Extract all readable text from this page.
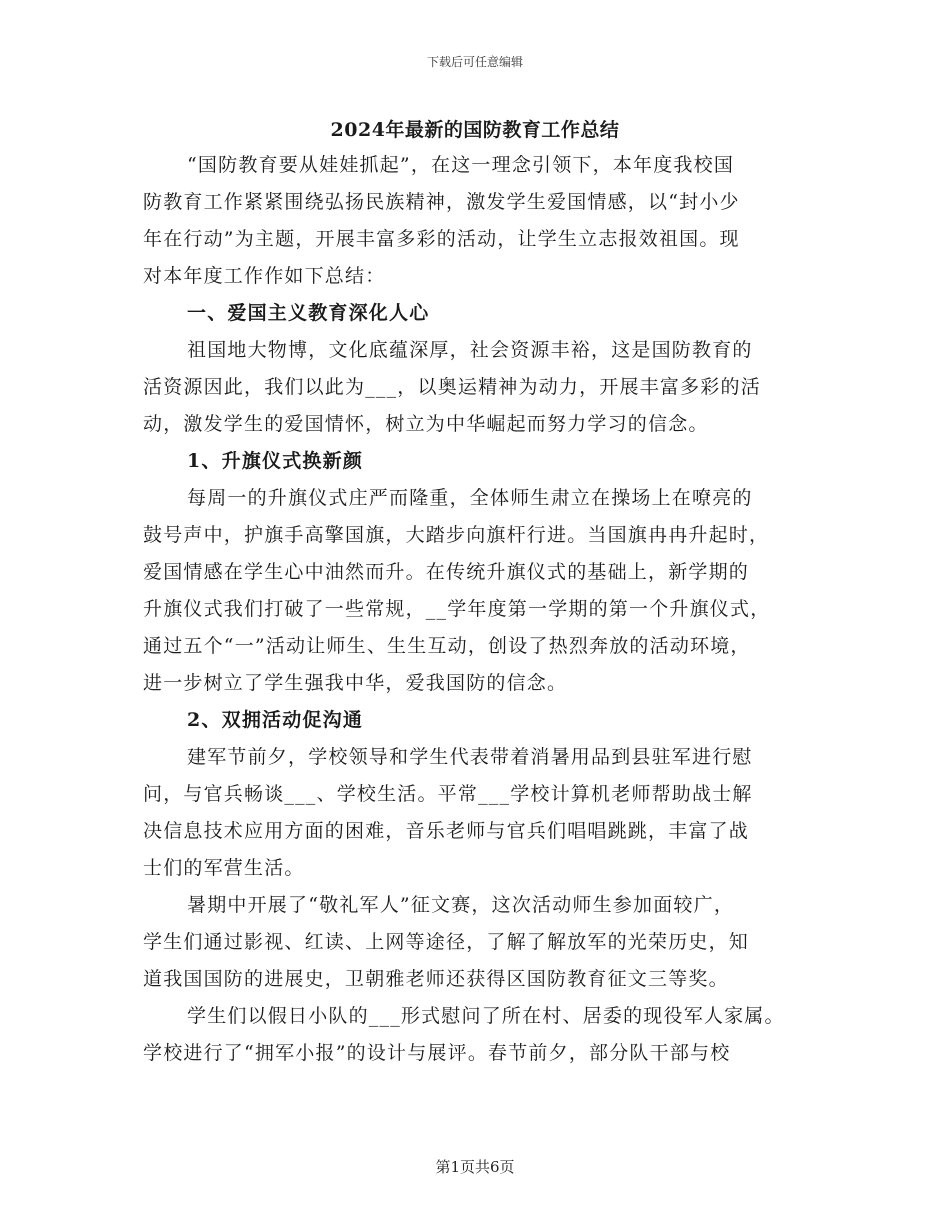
下载后可任意编辑
2024年最新的国防教育工作总结
“国防教育要从娃娃抓起”，在这一理念引领下，本年度我校国
防教育工作紧紧围绕弘扬民族精神，激发学生爱国情感，以“封小少
年在行动”为主题，开展丰富多彩的活动，让学生立志报效祖国。现
对本年度工作作如下总结：
一、爱国主义教育深化人心
祖国地大物博，文化底蕴深厚，社会资源丰裕，这是国防教育的
活资源因此，我们以此为___，以奥运精神为动力，开展丰富多彩的活
动，激发学生的爱国情怀，树立为中华崛起而努力学习的信念。
1、升旗仪式换新颜
每周一的升旗仪式庄严而隆重，全体师生肃立在操场上在嘹亮的
鼓号声中，护旗手高擎国旗，大踏步向旗杆行进。当国旗冉冉升起时，
爱国情感在学生心中油然而升。在传统升旗仪式的基础上，新学期的
升旗仪式我们打破了一些常规，__学年度第一学期的第一个升旗仪式，
通过五个“一”活动让师生、生生互动，创设了热烈奔放的活动环境，
进一步树立了学生强我中华，爱我国防的信念。
2、双拥活动促沟通
建军节前夕，学校领导和学生代表带着消暑用品到县驻军进行慰
问，与官兵畅谈___、学校生活。平常___学校计算机老师帮助战士解
决信息技术应用方面的困难，音乐老师与官兵们唱唱跳跳，丰富了战
士们的军营生活。
暑期中开展了“敬礼军人”征文赛，这次活动师生参加面较广，
学生们通过影视、红读、上网等途径，了解了解放军的光荣历史，知
道我国国防的进展史，卫朝雅老师还获得区国防教育征文三等奖。
学生们以假日小队的___形式慰问了所在村、居委的现役军人家属。
学校进行了“拥军小报”的设计与展评。春节前夕，部分队干部与校
第1页共6页
